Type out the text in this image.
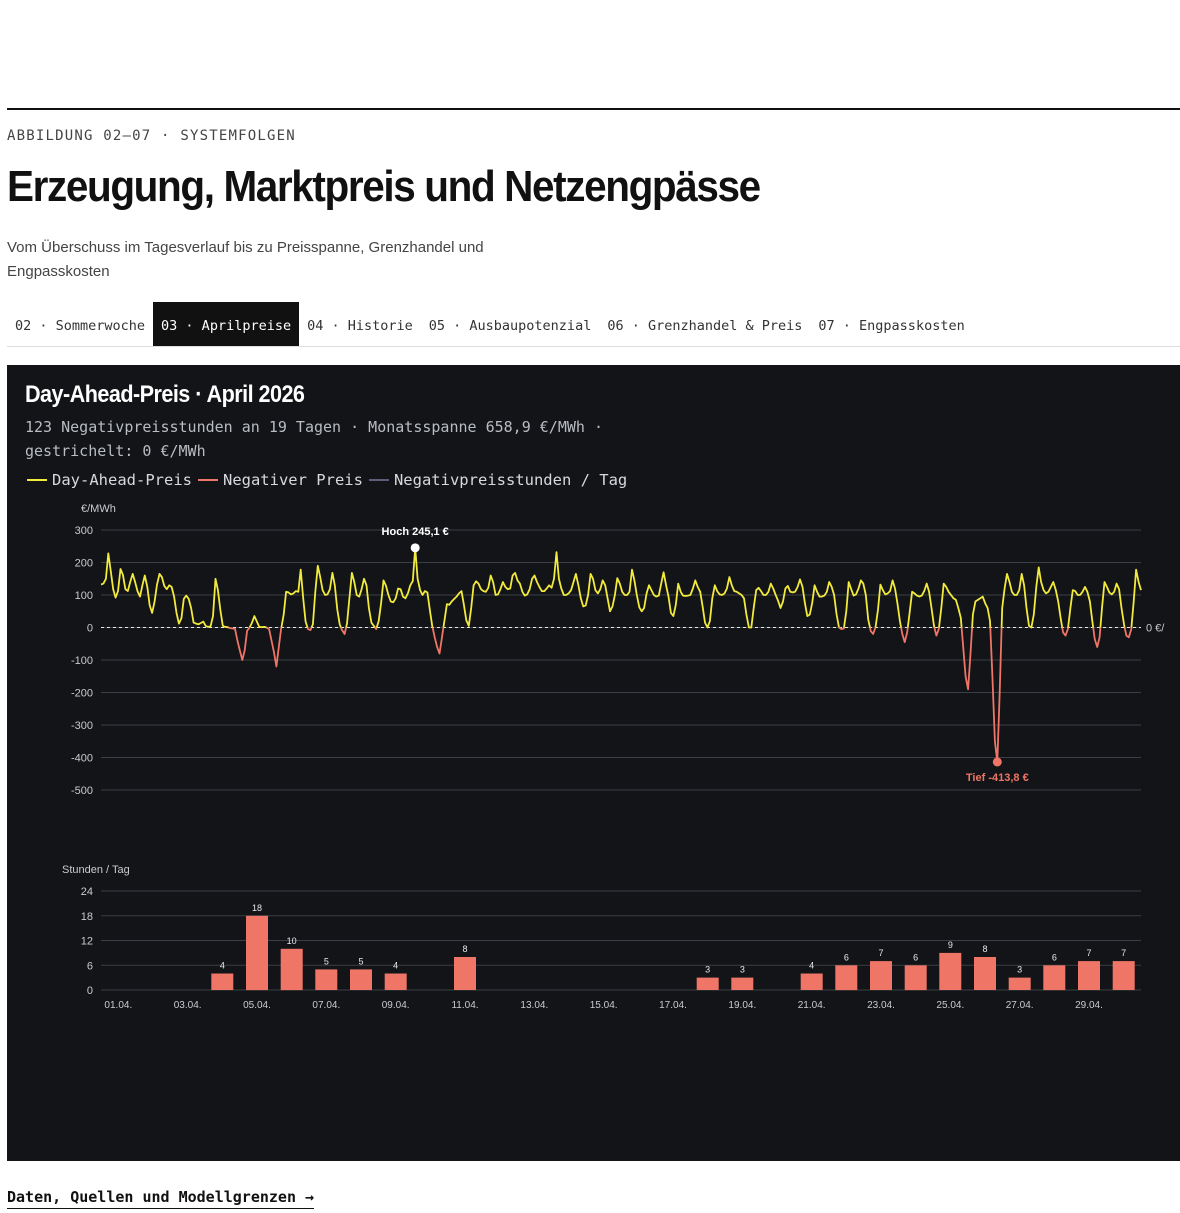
ABBILDUNG 02–07 · SYSTEMFOLGEN
Erzeugung, Marktpreis und Netzengpässe
Vom Überschuss im Tagesverlauf bis zu Preisspanne, Grenzhandel und Engpasskosten
02 · Sommerwoche	03 · Aprilpreise	04 · Historie	05 · Ausbaupotenzial	06 · Grenzhandel & Preis	07 · Engpasskosten
Day-Ahead-Preis · April 2026
123 Negativpreisstunden an 19 Tagen · Monatsspanne 658,9 €/MWh · gestrichelt: 0 €/MWh
Day-Ahead-Preis Negativer Preis Negativpreisstunden / Tag
€/MWh
300
200
100
0
-100
-200
-300
-400
-500
0 €/
Hoch 245,1 €
Tief -413,8 €
Stunden / Tag
24
18
12
6
0
4
18
10
5	5	4
8
3	3	4
6	7	6
9	8
3
6	7	7
01.04.	03.04.	05.04.	07.04.	09.04.	11.04.	13.04.	15.04.	17.04.	19.04.	21.04.	23.04.	25.04.	27.04.	29.04.
Daten, Quellen und Modellgrenzen →
